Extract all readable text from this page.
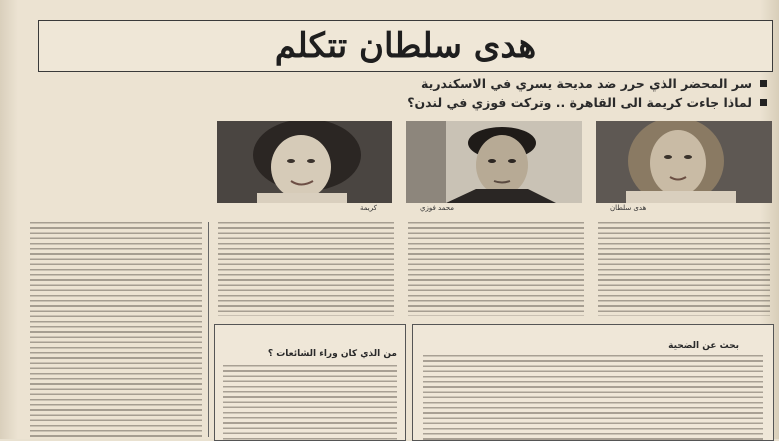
هدى سلطان تتكلم
سر المحضر الذي حرر ضد مديحة يسري في الاسكندرية
لماذا جاءت كريمة الى القاهرة .. وتركت فوزي في لندن؟
هدى سلطان
محمد فوزي
كريمة
بحث عن الضحية
من الذي كان وراء الشائعات ؟
